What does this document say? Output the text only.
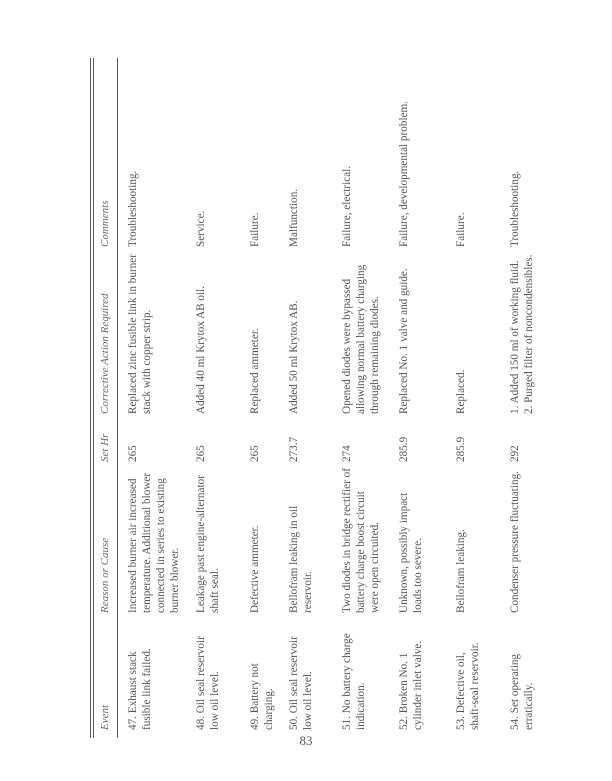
Event
Reason or Cause
Set Hr
Corrective Action Required
Comments
47. Exhaust stack fusible link failed.
Increased burner air increased temperature. Additional blower connected in series to existing burner blower.
265
Replaced zinc fusible link in burner stack with copper strip.
Troubleshooting.
48. Oil seal reservoir low oil level.
Leakage past engine-alternator shaft seal.
265
Added 40 ml Krytox AB oil.
Service.
49. Battery not charging.
Defective ammeter.
265
Replaced ammeter.
Failure.
50. Oil seal reservoir low oil level.
Bellofram leaking in oil reservoir.
273.7
Added 50 ml Krytox AB.
Malfunction.
51. No battery charge indication.
Two diodes in bridge rectifier of battery charge boost circuit were open circuited.
274
Opened diodes were bypassed allowing normal battery charging through remaining diodes.
Failure, electrical.
52. Broken No. 1 cylinder inlet valve.
Unknown, possibly impact loads too severe.
285.9
Replaced No. 1 valve and guide.
Failure, developmental problem.
53. Defective oil, shaft-seal reservoir.
Bellofram leaking.
285.9
Replaced.
Failure.
54. Set operating erratically.
Condenser pressure fluctuating.
292
1. Added 150 ml of working fluid. 2. Purged filter of noncondensibles.
Troubleshooting.
83
